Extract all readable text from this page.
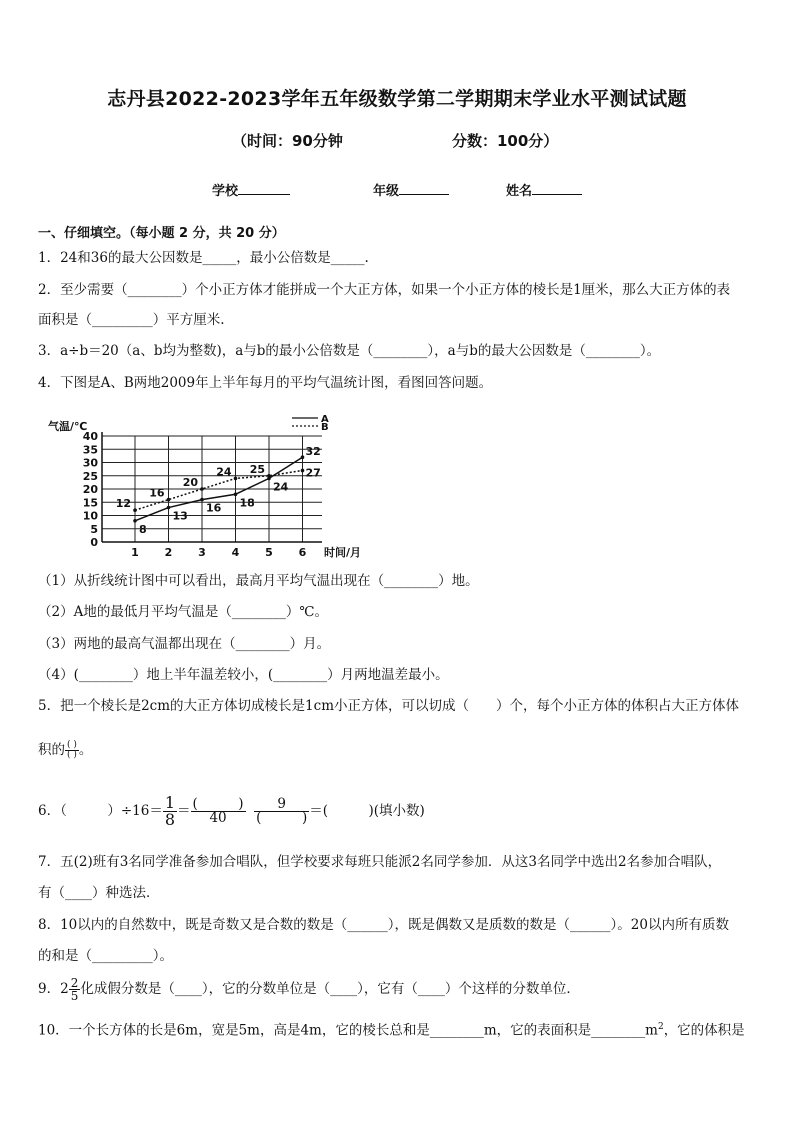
志丹县2022-2023学年五年级数学第二学期期末学业水平测试试题
（时间：90分钟	分数：100分）
学校	年级	姓名
一、仔细填空。（每小题 2 分，共 20 分）
1．24和36的最大公因数是_____，最小公倍数是_____.
2．至少需要（________）个小正方体才能拼成一个大正方体，如果一个小正方体的棱长是1厘米，那么大正方体的表
面积是（_________）平方厘米.
3．a÷b＝20（a、b均为整数)，a与b的最小公倍数是（________），a与b的最大公因数是（________）。
4．下图是A、B两地2009年上半年每月的平均气温统计图，看图回答问题。
0
5
10
15
20
25
30
35
40
1 2 3 4 5 6
气温/℃
时间/月
8
13
16 18
24
32
12
16
20
24 25	27
A
B
（1）从折线统计图中可以看出，最高月平均气温出现在（________）地。
（2）A地的最低月平均气温是（________）℃。
（3）两地的最高气温都出现在（________）月。
（4）(________）地上半年温差较小，(________）月两地温差最小。
5．把一个棱长是2cm的大正方体切成棱长是1cm小正方体，可以切成（　　）个，每个小正方体的体积占大正方体体
积的 $\frac{( )}{( )}$ 。
6．（　　　）$\div 16= \frac{1}{8} = \frac{( )}{40}$
$\frac{9}{( )}$ ＝(　　　)(填小数)
7．五(2)班有3名同学准备参加合唱队，但学校要求每班只能派2名同学参加．从这3名同学中选出2名参加合唱队，
有（____）种选法．
8．10以内的自然数中，既是奇数又是合数的数是（______），既是偶数又是质数的数是（______）。20以内所有质数
的和是（_________）。
9．$2 \frac{2}{5}$ 化成假分数是（____），它的分数单位是（____），它有（____）个这样的分数单位．
10．一个长方体的长是6m，宽是5m，高是4m，它的棱长总和是________m，它的表面积是$\_\_\_\_\_\_\_\_m^2$，它的体积是
